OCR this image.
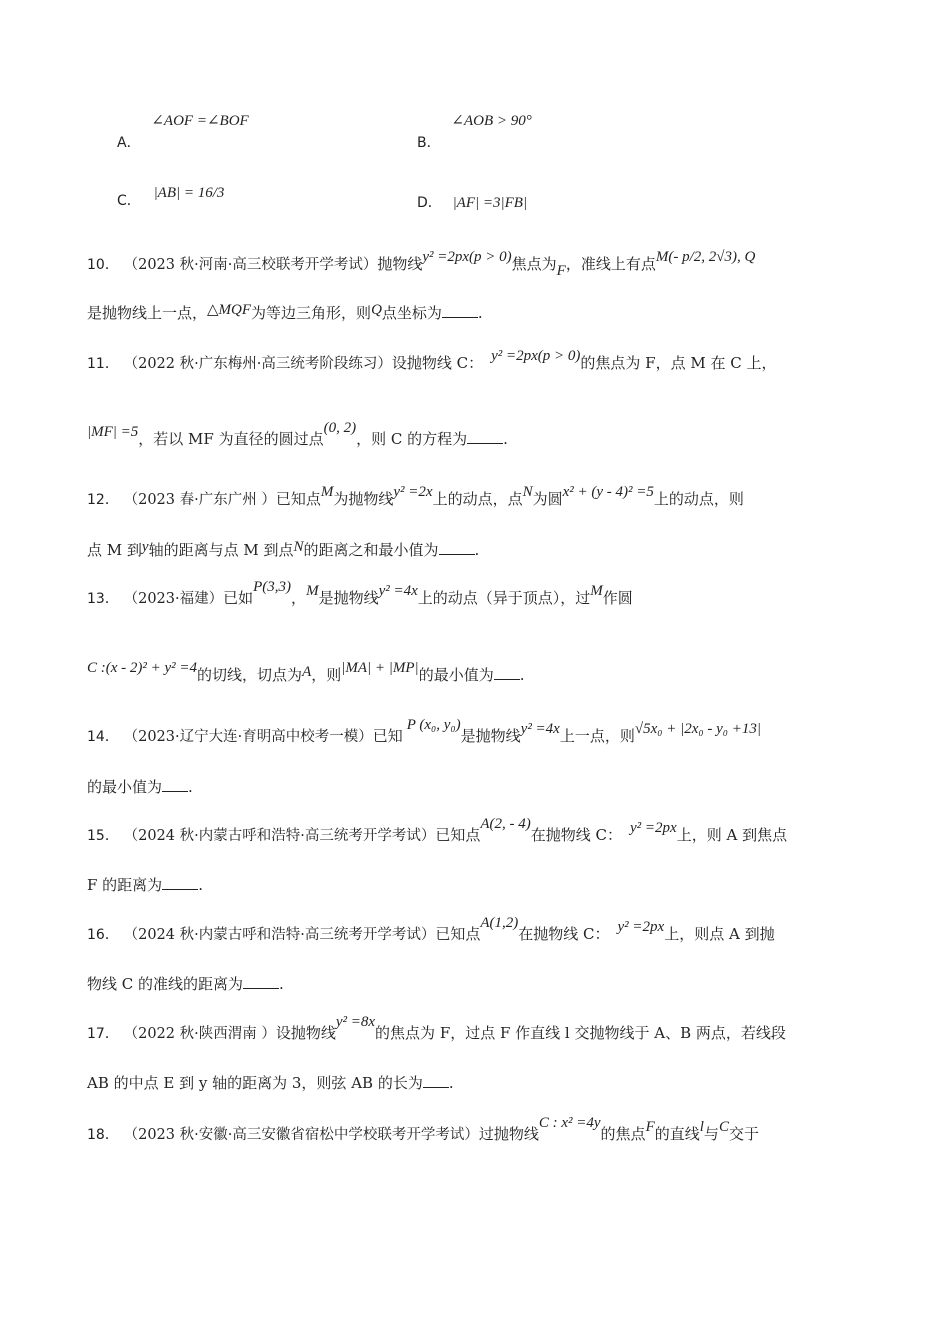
A． ∠AOF =∠BOF
B． ∠AOB > 90°
C． |AB| = 16/3
D． |AF| =3|FB|
10． （2023 秋·河南·高三校联考开学考试）抛物线y² =2px(p > 0)焦点为F，准线上有点M(- p/2, 2√3), Q
是抛物线上一点，△MQF为等边三角形，则Q点坐标为 .
11． （2022 秋·广东梅州·高三统考阶段练习）设抛物线 C： y² =2px(p > 0)的焦点为 F，点 M 在 C 上，
|MF| =5，若以 MF 为直径的圆过点(0, 2)，则 C 的方程为 .
12． （2023 春·广东广州 ）已知点M为抛物线y² =2x上的动点，点N为圆x² + (y - 4)² =5上的动点，则
点 M 到y轴的距离与点 M 到点N的距离之和最小值为 .
13． （2023·福建）已如P(3,3)，M是抛物线y² =4x上的动点（异于顶点），过M作圆
C :(x - 2)² + y² =4的切线，切点为A，则|MA| + |MP|的最小值为 .
14． （2023·辽宁大连·育明高中校考一模）已知P (x₀, y₀)是抛物线y² =4x上一点，则√5x₀ + |2x₀ - y₀ +13|
的最小值为 .
15． （2024 秋·内蒙古呼和浩特·高三统考开学考试）已知点A(2, - 4)在抛物线 C： y² =2px上，则 A 到焦点
F 的距离为 .
16． （2024 秋·内蒙古呼和浩特·高三统考开学考试）已知点A(1,2)在抛物线 C： y² =2px上，则点 A 到抛
物线 C 的准线的距离为 .
17． （2022 秋·陕西渭南 ）设抛物线y² =8x的焦点为 F，过点 F 作直线 l 交抛物线于 A、B 两点，若线段
AB 的中点 E 到 y 轴的距离为 3，则弦 AB 的长为 .
18． （2023 秋·安徽·高三安徽省宿松中学校联考开学考试）过抛物线C : x² =4y的焦点F的直线l与C交于
